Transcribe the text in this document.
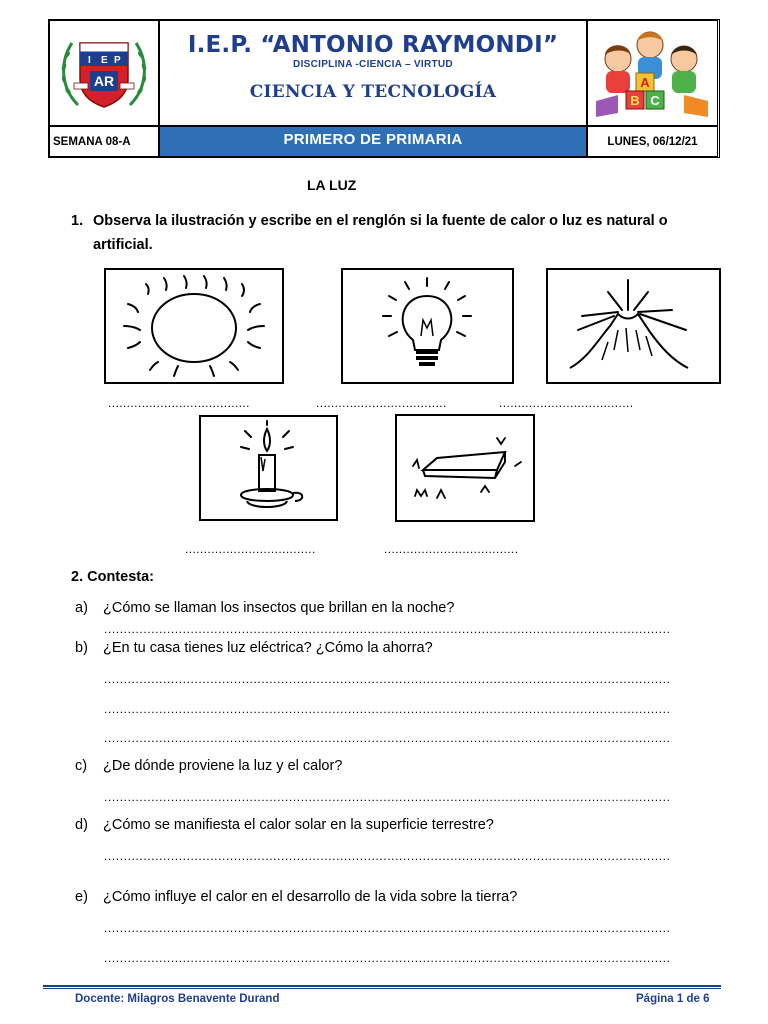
I E P
AR
I.E.P. “ANTONIO RAYMONDI”
DISCIPLINA -CIENCIA – VIRTUD
CIENCIA Y TECNOLOGÍA	A
B C
SEMANA 08-A	PRIMERO DE PRIMARIA	LUNES, 06/12/21
LA LUZ
1. Observa la ilustración y escribe en el renglón si la fuente de calor o luz es natural o artificial.
......................................	...................................	....................................
...................................	....................................
2. Contesta:
a) ¿Cómo se llaman los insectos que brillan en la noche?
................................................................................................................................................
b) ¿En tu casa tienes luz eléctrica? ¿Cómo la ahorra?
................................................................................................................................................
................................................................................................................................................
................................................................................................................................................
c) ¿De dónde proviene la luz y el calor?
................................................................................................................................................
d) ¿Cómo se manifiesta el calor solar en la superficie terrestre?
................................................................................................................................................
e) ¿Cómo influye el calor en el desarrollo de la vida sobre la tierra?
................................................................................................................................................
................................................................................................................................................
Docente: Milagros Benavente Durand	Página 1 de 6
